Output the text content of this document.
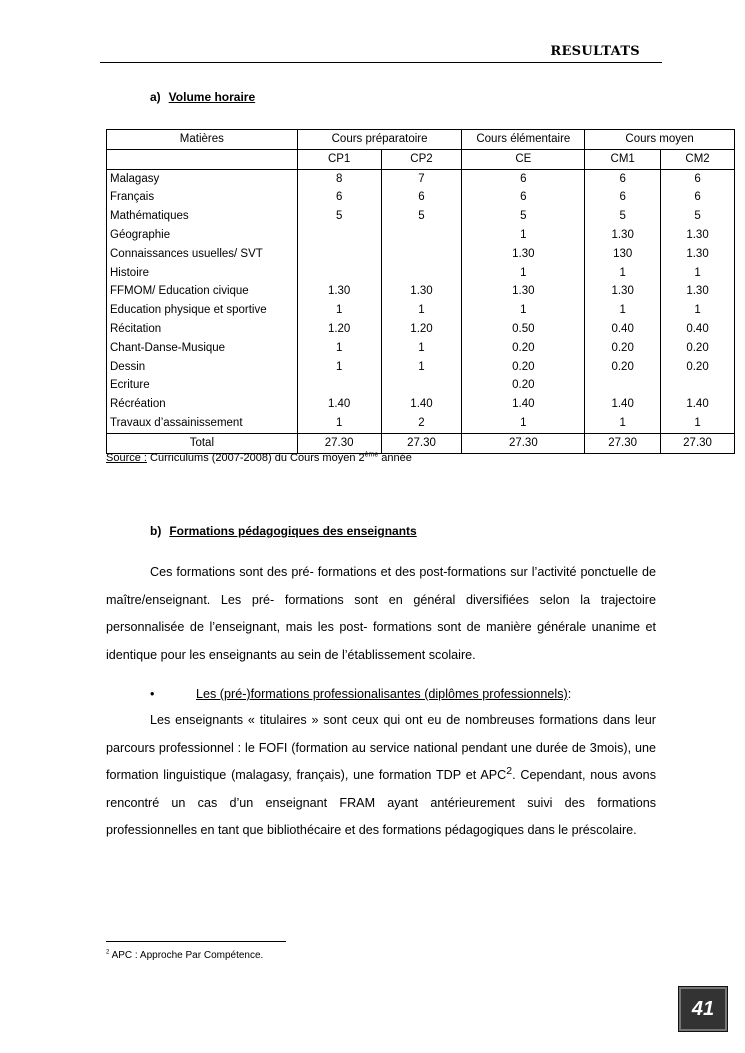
RESULTATS
a) Volume horaire
Matières	Cours préparatoire		Cours élémentaire	Cours moyen	
	CP1	CP2	CE	CM1	CM2
Malagasy	8	7	6	6	6
Français	6	6	6	6	6
Mathématiques	5	5	5	5	5
Géographie			1	1.30	1.30
Connaissances usuelles/ SVT			1.30	130	1.30
Histoire			1	1	1
FFMOM/ Education civique	1.30	1.30	1.30	1.30	1.30
Education physique et sportive	1	1	1	1	1
Récitation	1.20	1.20	0.50	0.40	0.40
Chant-Danse-Musique	1	1	0.20	0.20	0.20
Dessin	1	1	0.20	0.20	0.20
Ecriture			0.20		
Récréation	1.40	1.40	1.40	1.40	1.40
Travaux d’assainissement	1	2	1	1	1
Total	27.30	27.30	27.30	27.30	27.30
Source : Curriculums (2007-2008) du Cours moyen 2ème année
b) Formations pédagogiques des enseignants
Ces formations sont des pré- formations et des post-formations sur l’activité ponctuelle de maître/enseignant. Les pré- formations sont en général diversifiées selon la trajectoire personnalisée de l’enseignant, mais les post- formations sont de manière générale unanime et identique pour les enseignants au sein de l’établissement scolaire.
•	Les (pré-)formations professionalisantes (diplômes professionnels):
Les enseignants « titulaires » sont ceux qui ont eu de nombreuses formations dans leur parcours professionnel : le FOFI (formation au service national pendant une durée de 3mois), une formation linguistique (malagasy, français), une formation TDP et APC$^2$. Cependant, nous avons rencontré un cas d’un enseignant FRAM ayant antérieurement suivi des formations professionnelles en tant que bibliothécaire et des formations pédagogiques dans le préscolaire.
$^2$ APC : Approche Par Compétence.
41
